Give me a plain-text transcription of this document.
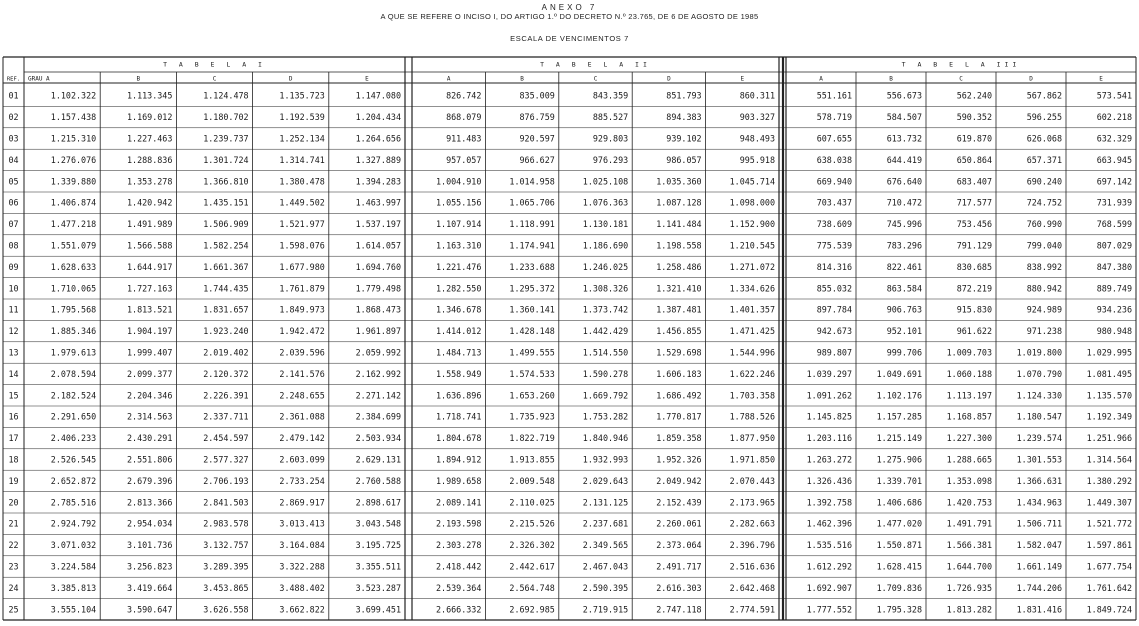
ANEXO 7
A QUE SE REFERE O INCISO I, DO ARTIGO 1.º DO DECRETO N.º 23.765, DE 6 DE AGOSTO DE 1985
ESCALA DE VENCIMENTOS 7
T A B E L A I
GRAU A	B	C	D	E
T A B E L A II
A	B	C	D	E
T A B E L A III
A	B	C	D	E
REF.
01	1.102.322	1.113.345	1.124.478	1.135.723	1.147.080	826.742	835.009	843.359	851.793	860.311	551.161	556.673	562.240	567.862	573.541
02	1.157.438	1.169.012	1.180.702	1.192.539	1.204.434	868.079	876.759	885.527	894.383	903.327	578.719	584.507	590.352	596.255	602.218
03	1.215.310	1.227.463	1.239.737	1.252.134	1.264.656	911.483	920.597	929.803	939.102	948.493	607.655	613.732	619.870	626.068	632.329
04	1.276.076	1.288.836	1.301.724	1.314.741	1.327.889	957.057	966.627	976.293	986.057	995.918	638.038	644.419	650.864	657.371	663.945
05	1.339.880	1.353.278	1.366.810	1.380.478	1.394.283	1.004.910	1.014.958	1.025.108	1.035.360	1.045.714	669.940	676.640	683.407	690.240	697.142
06	1.406.874	1.420.942	1.435.151	1.449.502	1.463.997	1.055.156	1.065.706	1.076.363	1.087.128	1.098.000	703.437	710.472	717.577	724.752	731.939
07	1.477.218	1.491.989	1.506.909	1.521.977	1.537.197	1.107.914	1.118.991	1.130.181	1.141.484	1.152.900	738.609	745.996	753.456	760.990	768.599
08	1.551.079	1.566.588	1.582.254	1.598.076	1.614.057	1.163.310	1.174.941	1.186.690	1.198.558	1.210.545	775.539	783.296	791.129	799.040	807.029
09	1.628.633	1.644.917	1.661.367	1.677.980	1.694.760	1.221.476	1.233.688	1.246.025	1.258.486	1.271.072	814.316	822.461	830.685	838.992	847.380
10	1.710.065	1.727.163	1.744.435	1.761.879	1.779.498	1.282.550	1.295.372	1.308.326	1.321.410	1.334.626	855.032	863.584	872.219	880.942	889.749
11	1.795.568	1.813.521	1.831.657	1.849.973	1.868.473	1.346.678	1.360.141	1.373.742	1.387.481	1.401.357	897.784	906.763	915.830	924.989	934.236
12	1.885.346	1.904.197	1.923.240	1.942.472	1.961.897	1.414.012	1.428.148	1.442.429	1.456.855	1.471.425	942.673	952.101	961.622	971.238	980.948
13	1.979.613	1.999.407	2.019.402	2.039.596	2.059.992	1.484.713	1.499.555	1.514.550	1.529.698	1.544.996	989.807	999.706	1.009.703	1.019.800	1.029.995
14	2.078.594	2.099.377	2.120.372	2.141.576	2.162.992	1.558.949	1.574.533	1.590.278	1.606.183	1.622.246	1.039.297	1.049.691	1.060.188	1.070.790	1.081.495
15	2.182.524	2.204.346	2.226.391	2.248.655	2.271.142	1.636.896	1.653.260	1.669.792	1.686.492	1.703.358	1.091.262	1.102.176	1.113.197	1.124.330	1.135.570
16	2.291.650	2.314.563	2.337.711	2.361.088	2.384.699	1.718.741	1.735.923	1.753.282	1.770.817	1.788.526	1.145.825	1.157.285	1.168.857	1.180.547	1.192.349
17	2.406.233	2.430.291	2.454.597	2.479.142	2.503.934	1.804.678	1.822.719	1.840.946	1.859.358	1.877.950	1.203.116	1.215.149	1.227.300	1.239.574	1.251.966
18	2.526.545	2.551.806	2.577.327	2.603.099	2.629.131	1.894.912	1.913.855	1.932.993	1.952.326	1.971.850	1.263.272	1.275.906	1.288.665	1.301.553	1.314.564
19	2.652.872	2.679.396	2.706.193	2.733.254	2.760.588	1.989.658	2.009.548	2.029.643	2.049.942	2.070.443	1.326.436	1.339.701	1.353.098	1.366.631	1.380.292
20	2.785.516	2.813.366	2.841.503	2.869.917	2.898.617	2.089.141	2.110.025	2.131.125	2.152.439	2.173.965	1.392.758	1.406.686	1.420.753	1.434.963	1.449.307
21	2.924.792	2.954.034	2.983.578	3.013.413	3.043.548	2.193.598	2.215.526	2.237.681	2.260.061	2.282.663	1.462.396	1.477.020	1.491.791	1.506.711	1.521.772
22	3.071.032	3.101.736	3.132.757	3.164.084	3.195.725	2.303.278	2.326.302	2.349.565	2.373.064	2.396.796	1.535.516	1.550.871	1.566.381	1.582.047	1.597.861
23	3.224.584	3.256.823	3.289.395	3.322.288	3.355.511	2.418.442	2.442.617	2.467.043	2.491.717	2.516.636	1.612.292	1.628.415	1.644.700	1.661.149	1.677.754
24	3.385.813	3.419.664	3.453.865	3.488.402	3.523.287	2.539.364	2.564.748	2.590.395	2.616.303	2.642.468	1.692.907	1.709.836	1.726.935	1.744.206	1.761.642
25	3.555.104	3.590.647	3.626.558	3.662.822	3.699.451	2.666.332	2.692.985	2.719.915	2.747.118	2.774.591	1.777.552	1.795.328	1.813.282	1.831.416	1.849.724
